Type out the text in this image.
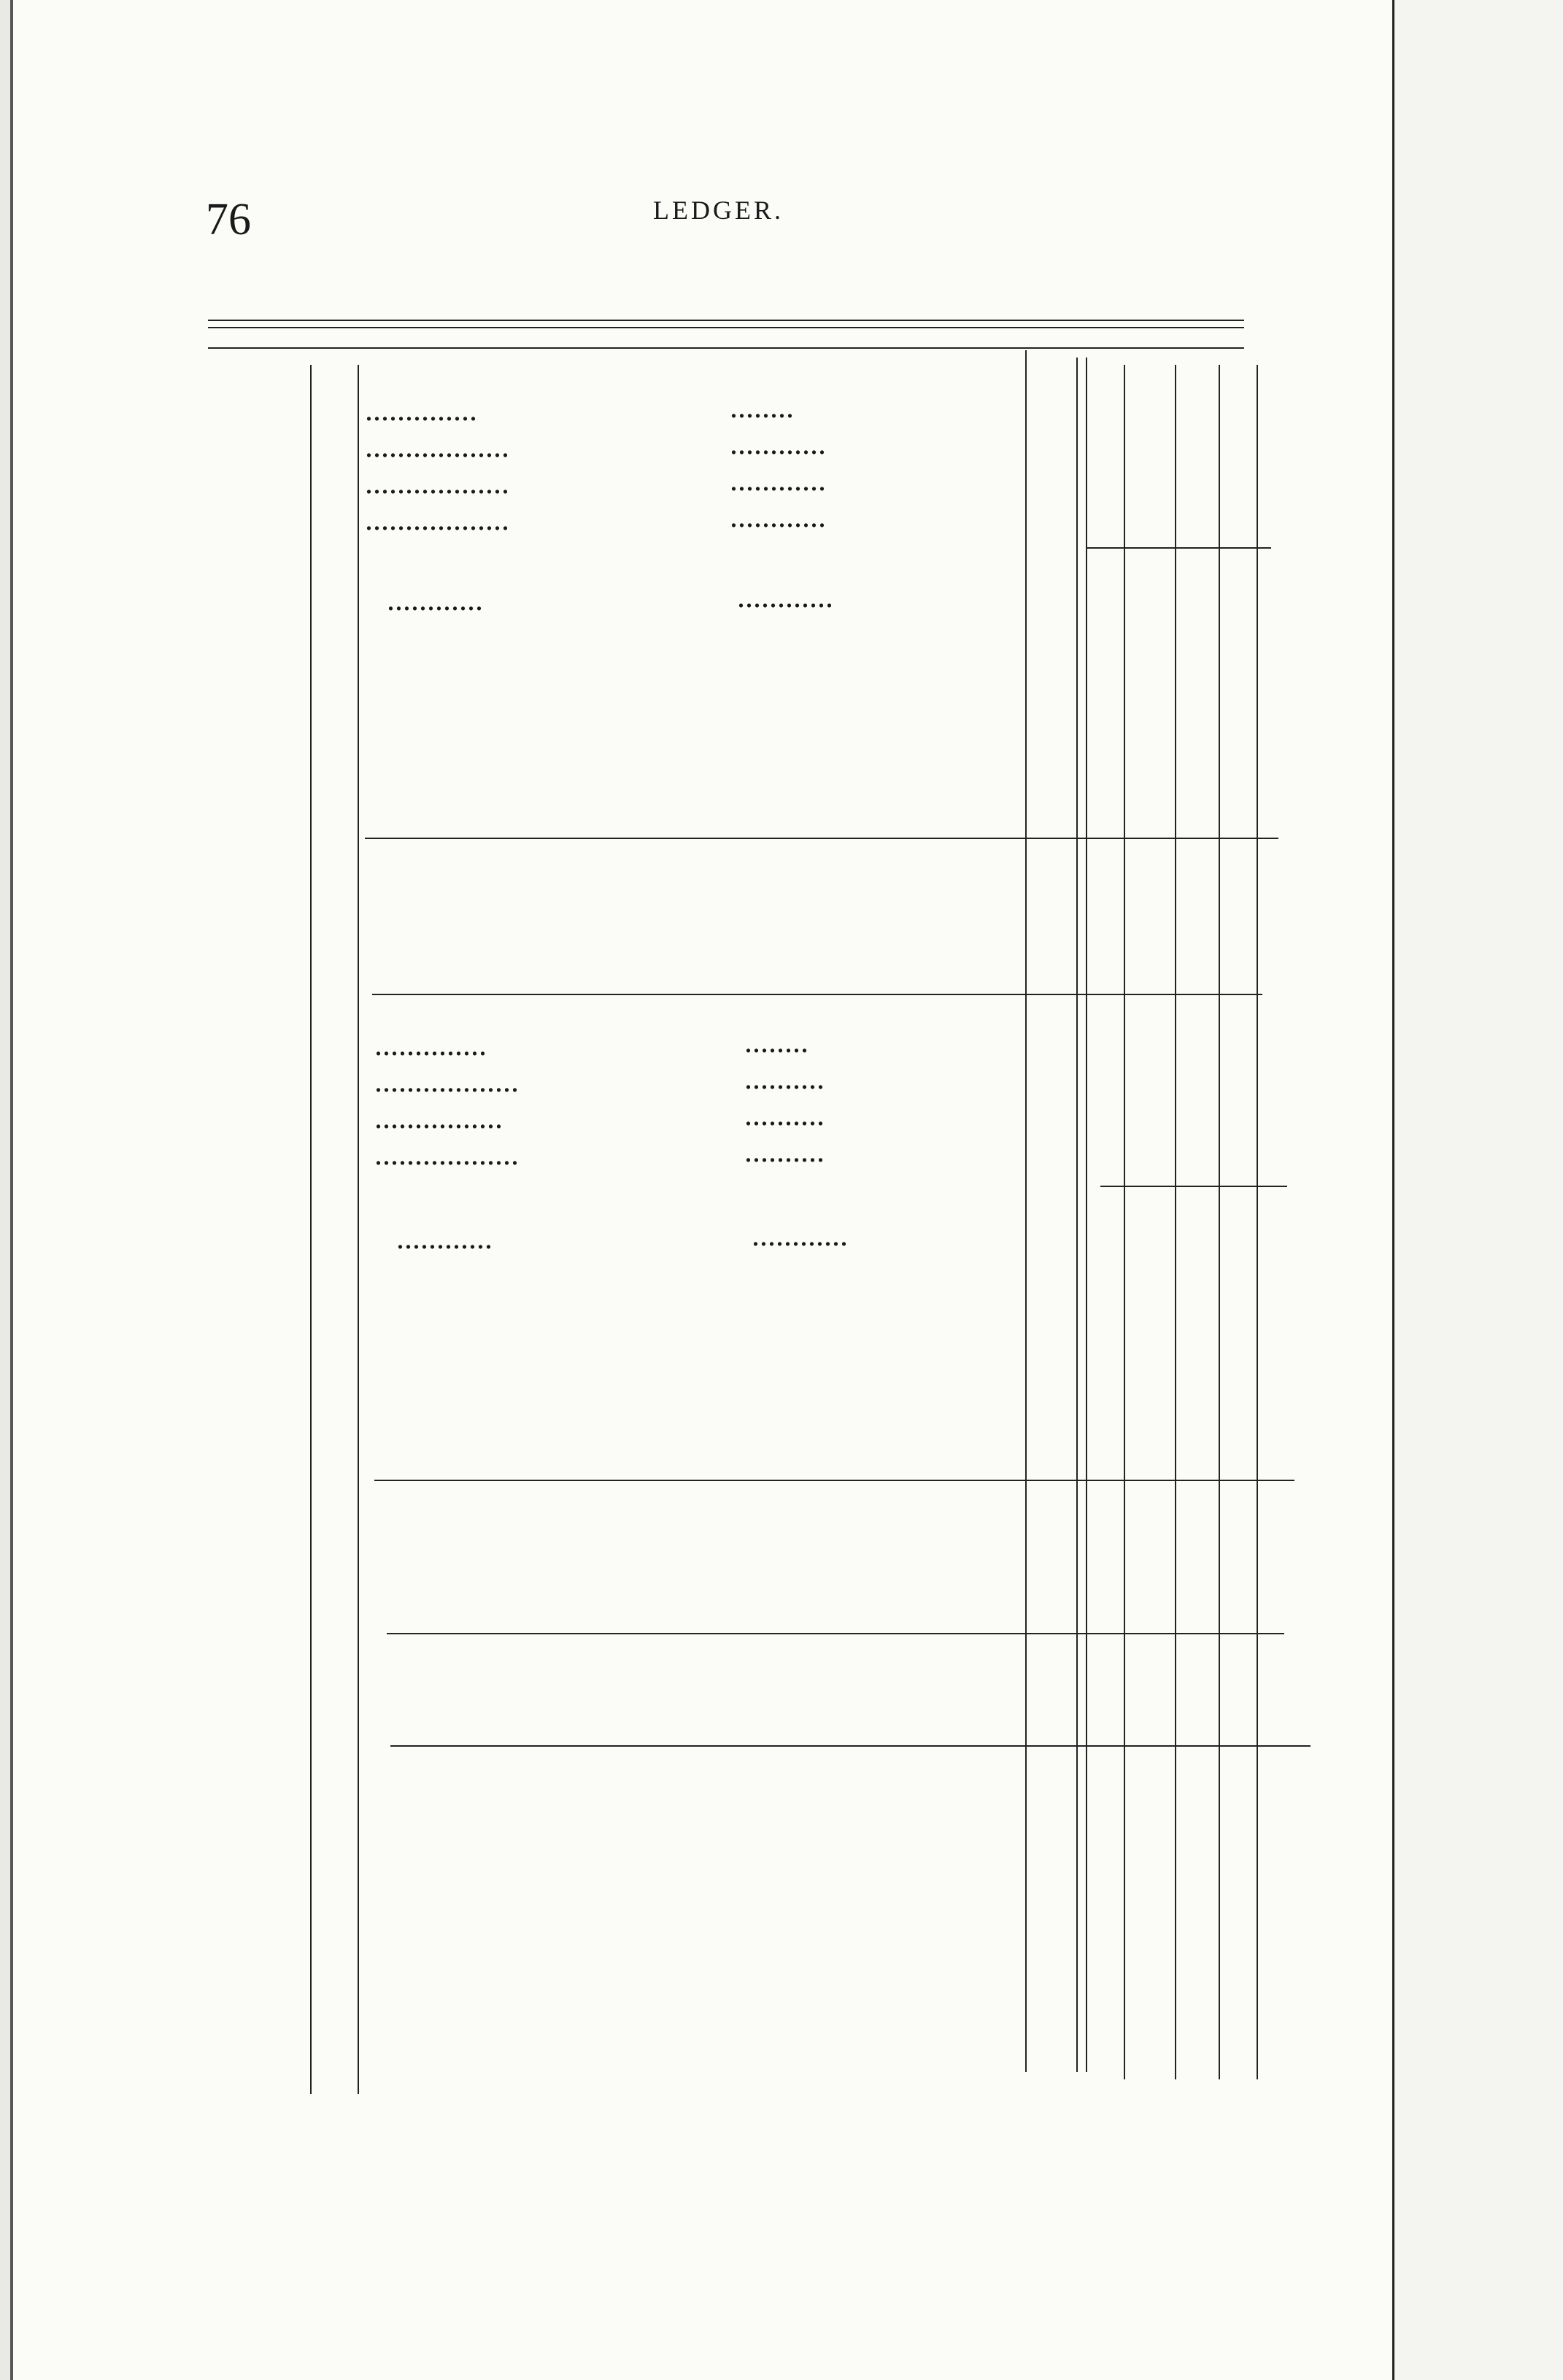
76	LEDGER.
..............	........
..................	............
..................	............
..................	............
............	............
..............	........
..................	..........
................	..........
..................	..........
............	............
